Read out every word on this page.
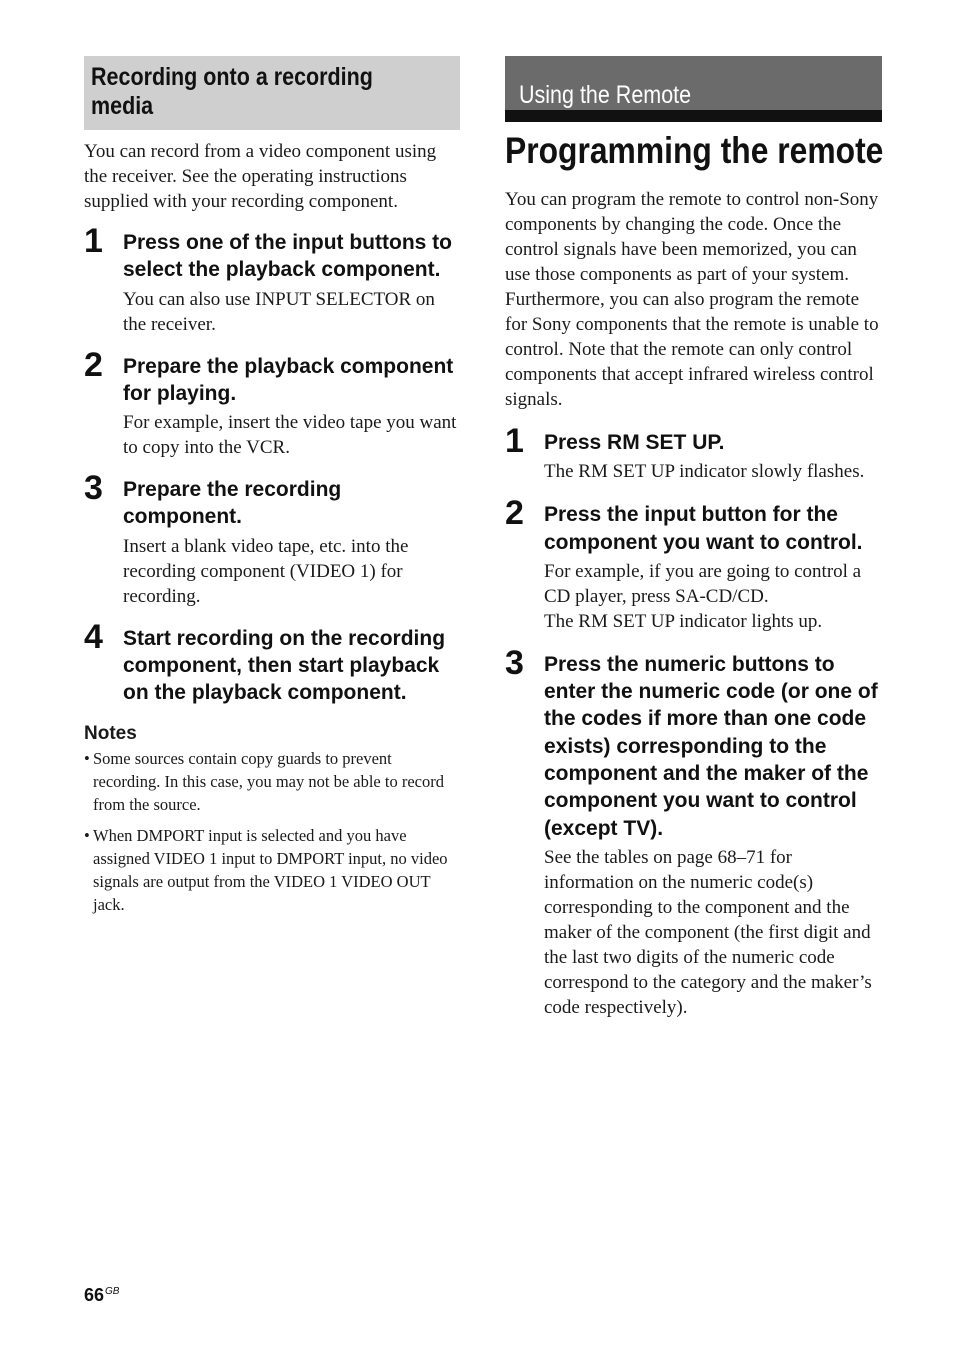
Recording onto a recording
media

You can record from a video component using the receiver. See the operating instructions supplied with your recording component.

1 Press one of the input buttons to select the playback component.

You can also use INPUT SELECTOR on the receiver.

2 Prepare the playback component for playing.

For example, insert the video tape you want to copy into the VCR.

3 Prepare the recording component.

Insert a blank video tape, etc. into the recording component (VIDEO 1) for recording.

4 Start recording on the recording component, then start playback on the playback component.

Notes

• Some sources contain copy guards to prevent recording. In this case, you may not be able to record from the source.

• When DMPORT input is selected and you have assigned VIDEO 1 input to DMPORT input, no video signals are output from the VIDEO 1 VIDEO OUT jack.

Using the Remote
Programming the remote

You can program the remote to control non-Sony components by changing the code. Once the control signals have been memorized, you can use those components as part of your system.

Furthermore, you can also program the remote for Sony components that the remote is unable to control. Note that the remote can only control components that accept infrared wireless control signals.

1 Press RM SET UP.

The RM SET UP indicator slowly flashes.

2 Press the input button for the component you want to control.

For example, if you are going to control a CD player, press SA-CD/CD.

The RM SET UP indicator lights up.

3 Press the numeric buttons to enter the numeric code (or one of the codes if more than one code exists) corresponding to the component and the maker of the component you want to control (except TV).

See the tables on page 68–71 for information on the numeric code(s) corresponding to the component and the maker of the component (the first digit and the last two digits of the numeric code correspond to the category and the maker’s code respectively).

$66^{GB}$
